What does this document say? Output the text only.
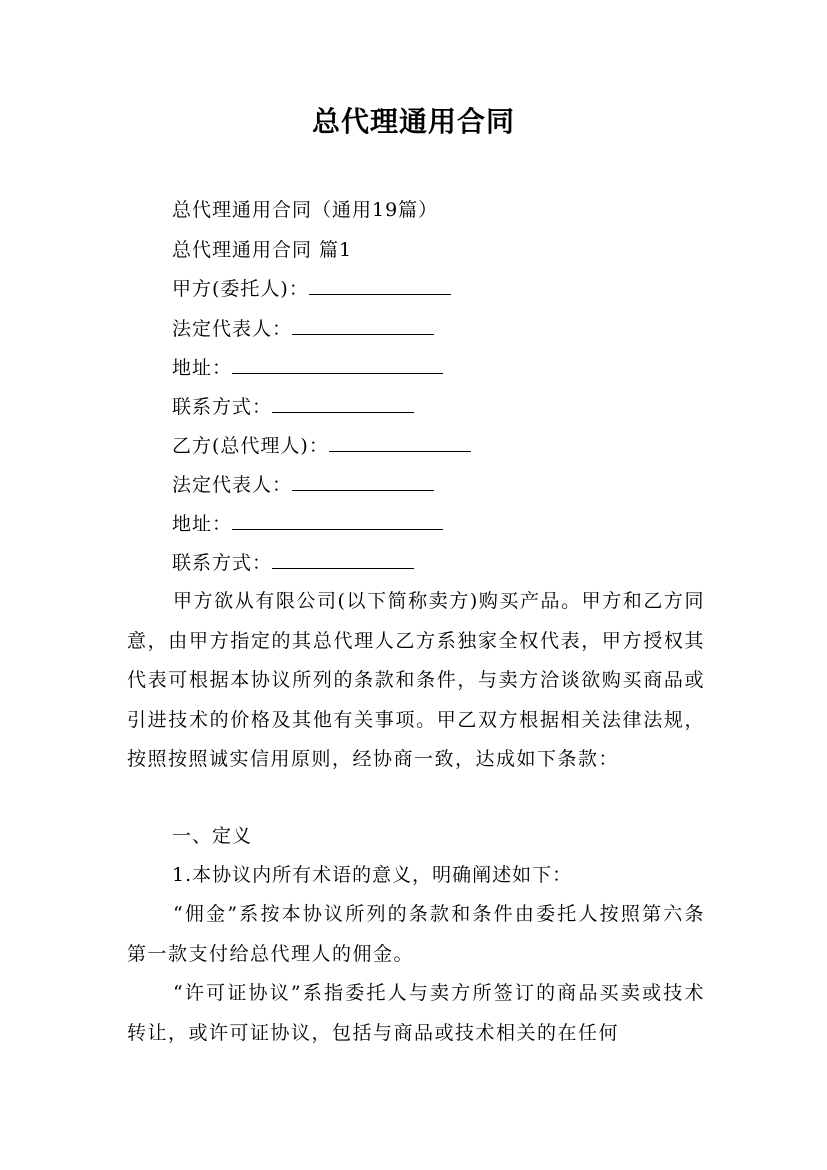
总代理通用合同
总代理通用合同（通用19篇）
总代理通用合同 篇1
甲方(委托人)：
法定代表人：
地址：
联系方式：
乙方(总代理人)：
法定代表人：
地址：
联系方式：
甲方欲从有限公司(以下简称卖方)购买产品。甲方和乙方同意，由甲方指定的其总代理人乙方系独家全权代表，甲方授权其代表可根据本协议所列的条款和条件，与卖方洽谈欲购买商品或引进技术的价格及其他有关事项。甲乙双方根据相关法律法规，按照按照诚实信用原则，经协商一致，达成如下条款：
一、定义
1.本协议内所有术语的意义，明确阐述如下：
“佣金”系按本协议所列的条款和条件由委托人按照第六条第一款支付给总代理人的佣金。
“许可证协议”系指委托人与卖方所签订的商品买卖或技术转让，或许可证协议，包括与商品或技术相关的在任何
